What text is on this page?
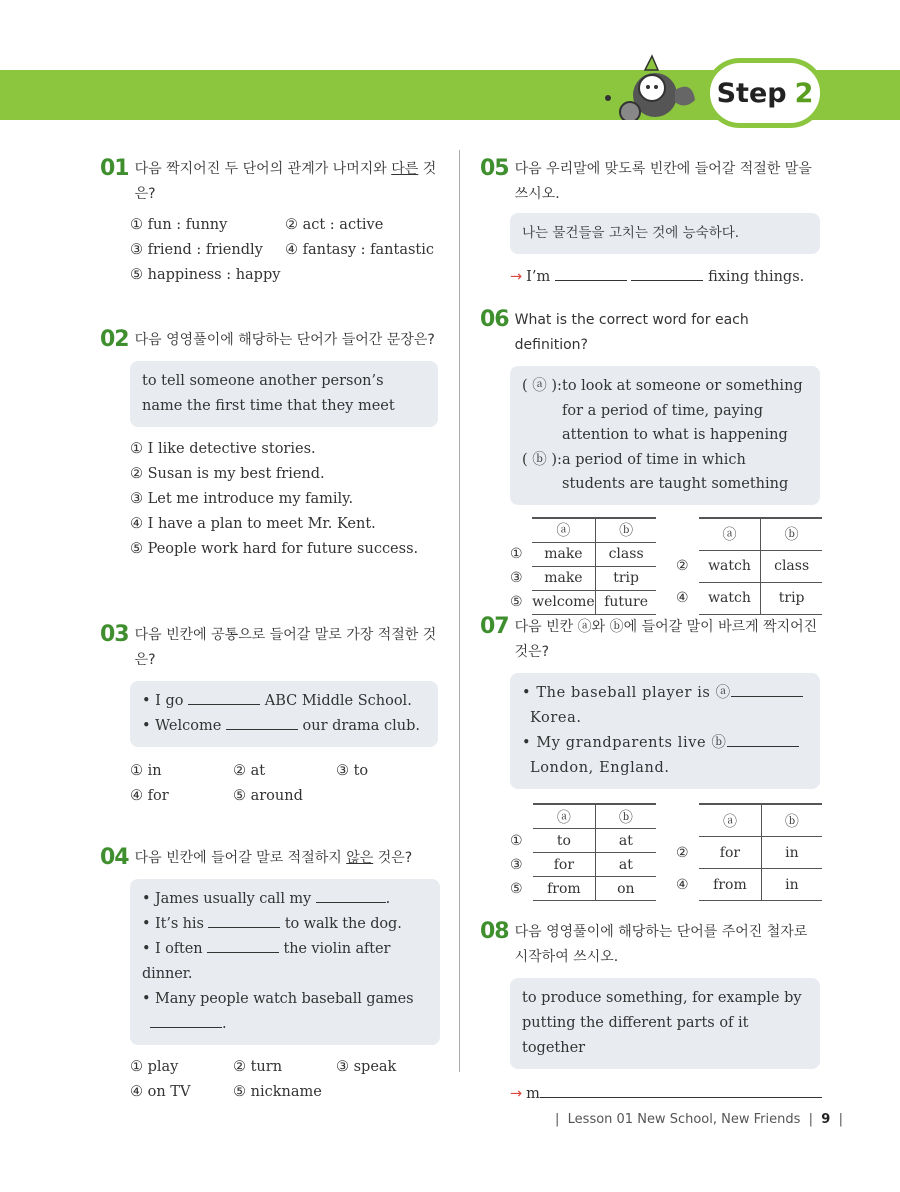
Step 2
01 다음 짝지어진 두 단어의 관계가 나머지와 다른 것은?
① fun : funny	② act : active
③ friend : friendly	④ fantasy : fantastic
⑤ happiness : happy
02 다음 영영풀이에 해당하는 단어가 들어간 문장은?
to tell someone another person’s name the first time that they meet
① I like detective stories.
② Susan is my best friend.
③ Let me introduce my family.
④ I have a plan to meet Mr. Kent.
⑤ People work hard for future success.
03 다음 빈칸에 공통으로 들어갈 말로 가장 적절한 것은?
• I go	ABC Middle School.
• Welcome	our drama club.
① in	② at	③ to
④ for	⑤ around
04 다음 빈칸에 들어갈 말로 적절하지 않은 것은?
• James usually call my	.
• It’s his	to walk the dog.
• I often	the violin after dinner.
• Many people watch baseball games
.
① play	② turn	③ speak
④ on TV	⑤ nickname
05 다음 우리말에 맞도록 빈칸에 들어갈 적절한 말을 쓰시오.
나는 물건들을 고치는 것에 능숙하다.
→ I’m	fixing things.
06 What is the correct word for each definition?
( ⓐ ): to look at someone or something for a period of time, paying attention to what is happening
( ⓑ ): a period of time in which students are taught something
	ⓐ	ⓑ
①	make	class
③	make	trip
⑤	welcome	future
	ⓐ	ⓑ
②	watch	class
④	watch	trip
07 다음 빈칸 ⓐ와 ⓑ에 들어갈 말이 바르게 짝지어진 것은?
• The baseball player is ⓐ
Korea.
• My grandparents live ⓑ
London, England.
	ⓐ	ⓑ
①	to	at
③	for	at
⑤	from	on
	ⓐ	ⓑ
②	for	in
④	from	in
08 다음 영영풀이에 해당하는 단어를 주어진 철자로 시작하여 쓰시오.
to produce something, for example by putting the different parts of it together
→ m
| Lesson 01 New School, New Friends | 9 |
